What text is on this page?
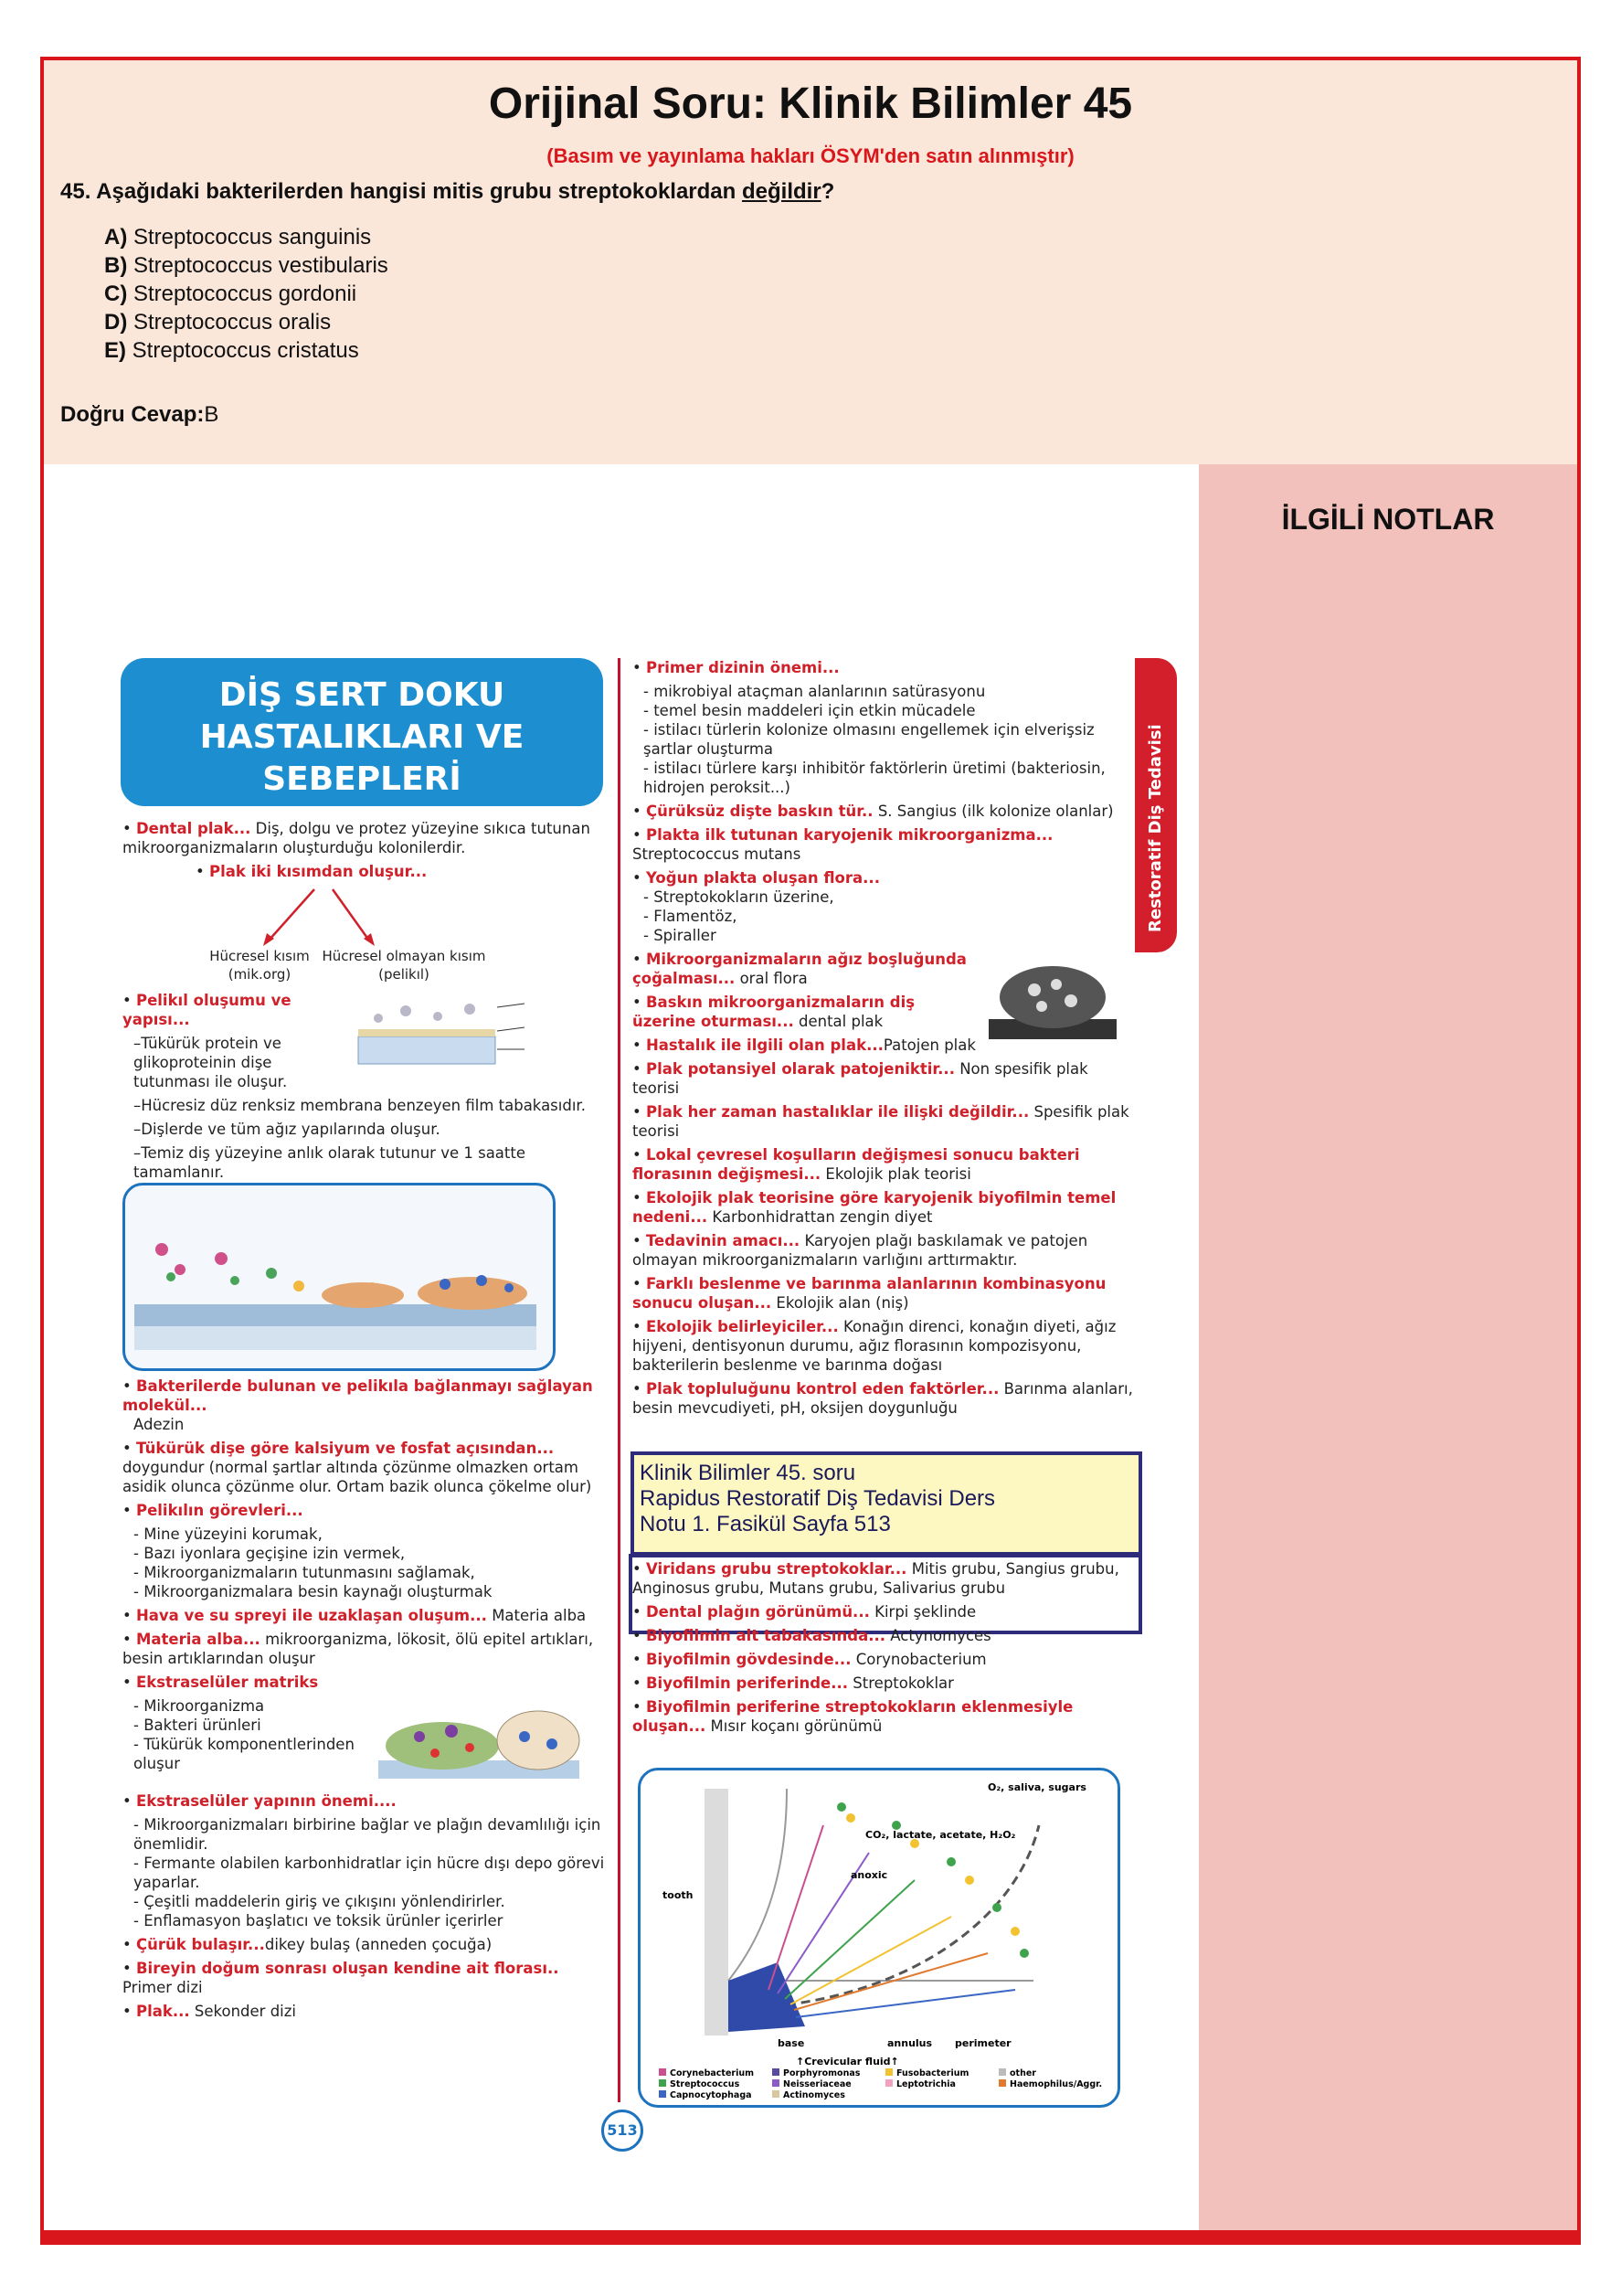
Orijinal Soru: Klinik Bilimler 45
(Basım ve yayınlama hakları ÖSYM'den satın alınmıştır)
45. Aşağıdaki bakterilerden hangisi mitis grubu streptokoklardan değildir?
A) Streptococcus sanguinis
B) Streptococcus vestibularis
C) Streptococcus gordonii
D) Streptococcus oralis
E) Streptococcus cristatus
Doğru Cevap:B
İLGİLİ NOTLAR
DİŞ SERT DOKU
HASTALIKLARI VE
SEBEPLERİ	Restoratif Diş Tedavisi

• Dental plak... Diş, dolgu ve protez yüzeyine sıkıca tutunan mikroorganizmaların oluşturduğu kolonilerdir.

• Plak iki kısımdan oluşur...

Hücresel kısım
(mik.org)
Hücresel olmayan kısım
(pelikıl)

• Pelikıl oluşumu ve yapısı...

–Tükürük protein ve glikoproteinin dişe tutunması ile oluşur.

–Hücresiz düz renksiz membrana benzeyen film tabakasıdır.

–Dişlerde ve tüm ağız yapılarında oluşur.

–Temiz diş yüzeyine anlık olarak tutunur ve 1 saatte tamamlanır.

• Bakterilerde bulunan ve pelikıla bağlanmayı sağlayan molekül...
Adezin

• Tükürük dişe göre kalsiyum ve fosfat açısından... doygundur (normal şartlar altında çözünme olmazken ortam asidik olunca çözünme olur. Ortam bazik olunca çökelme olur)

• Pelikılın görevleri...

- Mine yüzeyini korumak,

- Bazı iyonlara geçişine izin vermek,

- Mikroorganizmaların tutunmasını sağlamak,

- Mikroorganizmalara besin kaynağı oluşturmak

• Hava ve su spreyi ile uzaklaşan oluşum... Materia alba

• Materia alba... mikroorganizma, lökosit, ölü epitel artıkları, besin artıklarından oluşur

• Ekstraselüler matriks

- Mikroorganizma

- Bakteri ürünleri

- Tükürük komponentlerinden oluşur

• Ekstraselüler yapının önemi....

- Mikroorganizmaları birbirine bağlar ve plağın devamlılığı için önemlidir.

- Fermante olabilen karbonhidratlar için hücre dışı depo görevi yaparlar.

- Çeşitli maddelerin giriş ve çıkışını yönlendirirler.

- Enflamasyon başlatıcı ve toksik ürünler içerirler

• Çürük bulaşır...dikey bulaş (anneden çocuğa)

• Bireyin doğum sonrası oluşan kendine ait florası.. Primer dizi

• Plak... Sekonder dizi

• Primer dizinin önemi...

- mikrobiyal ataçman alanlarının satürasyonu

- temel besin maddeleri için etkin mücadele

- istilacı türlerin kolonize olmasını engellemek için elverişsiz şartlar oluşturma

- istilacı türlere karşı inhibitör faktörlerin üretimi (bakteriosin, hidrojen peroksit...)

• Çürüksüz dişte baskın tür.. S. Sangius (ilk kolonize olanlar)

• Plakta ilk tutunan karyojenik mikroorganizma... Streptococcus mutans

• Yoğun plakta oluşan flora...

- Streptokokların üzerine,

- Flamentöz,

- Spiraller

• Mikroorganizmaların ağız boşluğunda çoğalması... oral flora

• Baskın mikroorganizmaların diş üzerine oturması... dental plak

• Hastalık ile ilgili olan plak...Patojen plak

• Plak potansiyel olarak patojeniktir... Non spesifik plak teorisi

• Plak her zaman hastalıklar ile ilişki değildir... Spesifik plak teorisi

• Lokal çevresel koşulların değişmesi sonucu bakteri florasının değişmesi... Ekolojik plak teorisi

• Ekolojik plak teorisine göre karyojenik biyofilmin temel nedeni... Karbonhidrattan zengin diyet

• Tedavinin amacı... Karyojen plağı baskılamak ve patojen olmayan mikroorganizmaların varlığını arttırmaktır.

• Farklı beslenme ve barınma alanlarının kombinasyonu sonucu oluşan... Ekolojik alan (niş)

• Ekolojik belirleyiciler... Konağın direnci, konağın diyeti, ağız hijyeni, dentisyonun durumu, ağız florasının kompozisyonu, bakterilerin beslenme ve barınma doğası

• Plak topluluğunu kontrol eden faktörler... Barınma alanları, besin mevcudiyeti, pH, oksijen doygunluğu

Klinik Bilimler 45. soru
Rapidus Restoratif Diş Tedavisi Ders
Notu 1. Fasikül Sayfa 513

• Viridans grubu streptokoklar... Mitis grubu, Sangius grubu, Anginosus grubu, Mutans grubu, Salivarius grubu

• Dental plağın görünümü... Kirpi şeklinde

• Biyofilmin alt tabakasında... Actynomyces

• Biyofilmin gövdesinde... Corynobacterium

• Biyofilmin periferinde... Streptokoklar

• Biyofilmin periferine streptokokların eklenmesiyle oluşan... Mısır koçanı görünümü

O₂, saliva, sugars
CO₂, lactate, acetate, H₂O₂
anoxic
tooth
base	annulus perimeter
↑Crevicular fluid↑
Corynebacterium	Porphyromonas	Fusobacterium	other
Streptococcus	Neisseriaceae	Leptotrichia	Haemophilus/Aggr.
Capnocytophaga	Actinomyces
513
